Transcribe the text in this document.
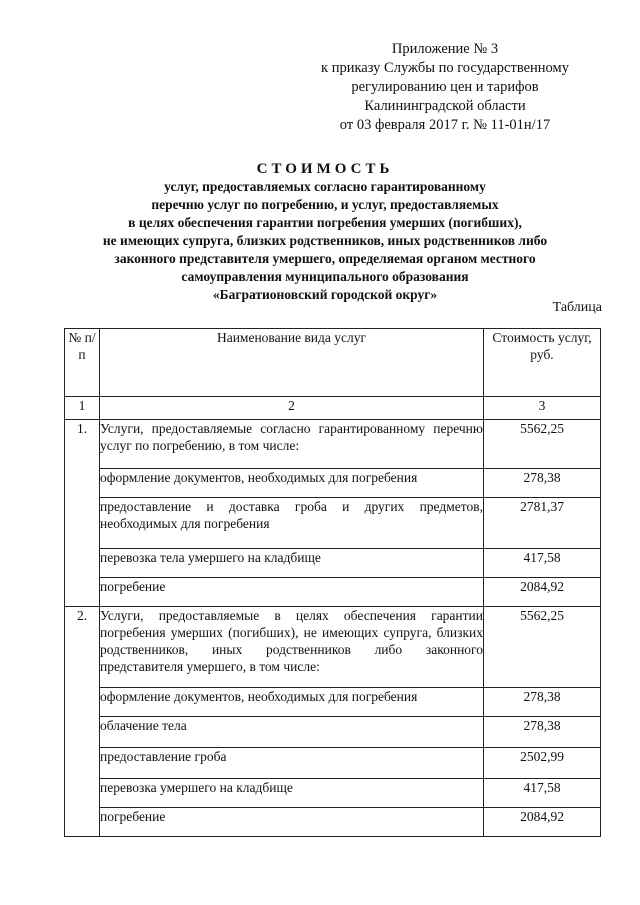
Приложение № 3
к приказу Службы по государственному
регулированию цен и тарифов
Калининградской области
от 03 февраля 2017 г. № 11-01н/17
СТОИМОСТЬ
услуг, предоставляемых согласно гарантированному
перечню услуг по погребению, и услуг, предоставляемых
в целях обеспечения гарантии погребения умерших (погибших),
не имеющих супруга, близких родственников, иных родственников либо
законного представителя умершего, определяемая органом местного
самоуправления муниципального образования
«Багратионовский городской округ»
Таблица
№ п/п	Наименование вида услуг	Стоимость услуг, руб.
1	2	3
1.	Услуги, предоставляемые согласно гарантированному перечню услуг по погребению, в том числе:	5562,25
	оформление документов, необходимых для погребения	278,38
	предоставление и доставка гроба и других предметов, необходимых для погребения	2781,37
	перевозка тела умершего на кладбище	417,58
	погребение	2084,92
2.	Услуги, предоставляемые в целях обеспечения гарантии погребения умерших (погибших), не имеющих супруга, близких родственников, иных родственников либо законного представителя умершего, в том числе:	5562,25
	оформление документов, необходимых для погребения	278,38
	облачение тела	278,38
	предоставление гроба	2502,99
	перевозка умершего на кладбище	417,58
	погребение	2084,92
